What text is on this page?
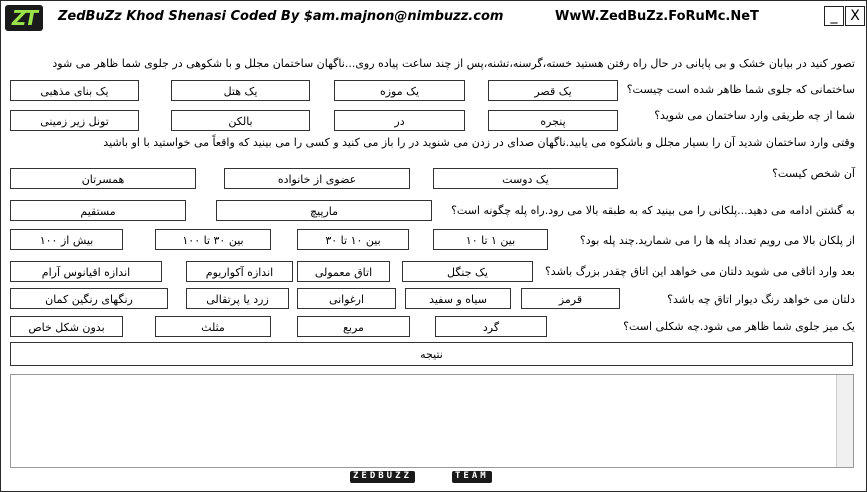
ZT	ZedBuZz Khod Shenasi Coded By $am.majnon@nimbuzz.com	WwW.ZedBuZz.FoRuMc.NeT	_ X
تصور کنید در بیابان خشک و بی پایانی در حال راه رفتن هستید خسته،گرسنه،تشنه،پس از چند ساعت پیاده روی...ناگهان ساختمان مجلل و با شکوهی در جلوی شما ظاهر می شود
ساختمانی که جلوی شما ظاهر شده است چیست؟
یک قصر
یک موزه
یک هتل
یک بنای مذهبی
شما از چه طریقی وارد ساختمان می شوید؟
پنجره
در
بالکن
تونل زیر زمینی
وقتی وارد ساختمان شدید آن را بسیار مجلل و باشکوه می یابید.ناگهان صدای در زدن می شنوید در را باز می کنید و کسی را می بینید که واقعاً می خواستید با او باشید
آن شخص کیست؟
یک دوست
عضوی از خانواده
همسرتان
به گشتن ادامه می دهید...پلکانی را می بینید که به طبقه بالا می رود.راه پله چگونه است؟
مارپیچ
مستقیم
از پلکان بالا می رویم تعداد پله ها را می شمارید.چند پله بود؟
بین ۱ تا ۱۰
بین ۱۰ تا ۳۰
بین ۳۰ تا ۱۰۰
بیش از ۱۰۰
بعد وارد اتاقی می شوید دلتان می خواهد این اتاق چقدر بزرگ باشد؟
یک جنگل
اتاق معمولی
اندازه آکواریوم
اندازه اقیانوس آرام
دلتان می خواهد رنگ دیوار اتاق چه باشد؟
قرمز
سیاه و سفید
ارغوانی
زرد یا پرتقالی
رنگهای رنگین کمان
یک میز جلوی شما ظاهر می شود.چه شکلی است؟
گرد
مربع
مثلث
بدون شکل خاص
نتیجه
ZEDBUZZ	TEAM
